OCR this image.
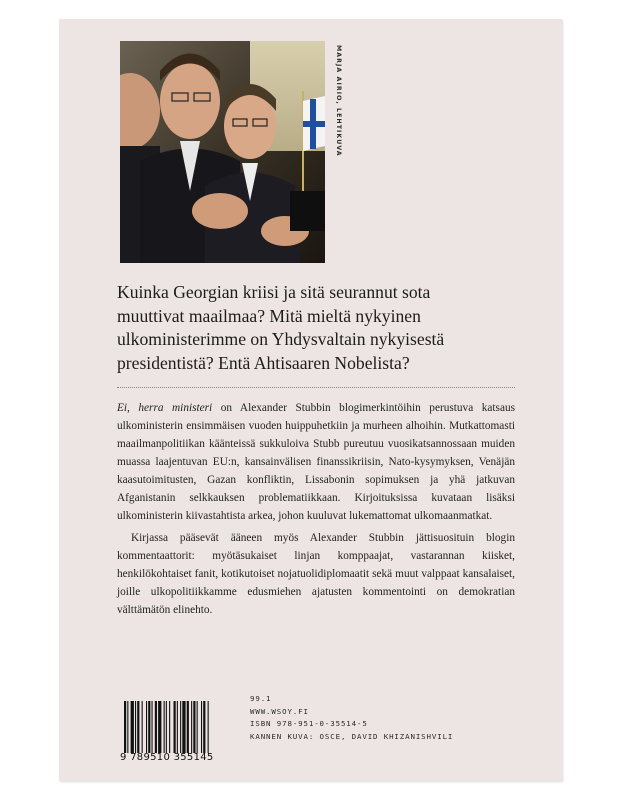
MARJA AIRIO, LEHTIKUVA

Kuinka Georgian kriisi ja sitä seurannut sota

muuttivat maailmaa? Mitä mieltä nykyinen

ulkoministerimme on Yhdysvaltain nykyisestä

presidentistä? Entä Ahtisaaren Nobelista?

Ei, herra ministeri on Alexander Stubbin blogimerkintöihin perustuva katsaus ulkoministerin ensimmäisen vuoden huippuhetkiin ja murheen alhoihin. Mutkattomasti maailmanpolitiikan käänteissä sukkuloiva Stubb pureutuu vuosikatsannossaan muiden muassa laajentuvan EU:n, kansainvälisen finanssikriisin, Nato-kysymyksen, Venäjän kaasutoimitusten, Gazan konfliktin, Lissabonin sopimuksen ja yhä jatkuvan Afganistanin selkkauksen problematiikkaan. Kirjoituksissa kuvataan lisäksi ulkoministerin kiivastahtista arkea, johon kuuluvat lukemattomat ulkomaanmatkat.

Kirjassa pääsevät ääneen myös Alexander Stubbin jättisuosituin blogin kommentaattorit: myötäsukaiset linjan komppaajat, vastarannan kiisket, henkilökohtaiset fanit, kotikutoiset nojatuolidiplomaatit sekä muut valppaat kansalaiset, joille ulkopolitiikkamme edusmiehen ajatusten kommentointi on demokratian välttämätön elinehto.

9 789510 355145
99.1
WWW.WSOY.FI
ISBN 978-951-0-35514-5
KANNEN KUVA: OSCE, DAVID KHIZANISHVILI
